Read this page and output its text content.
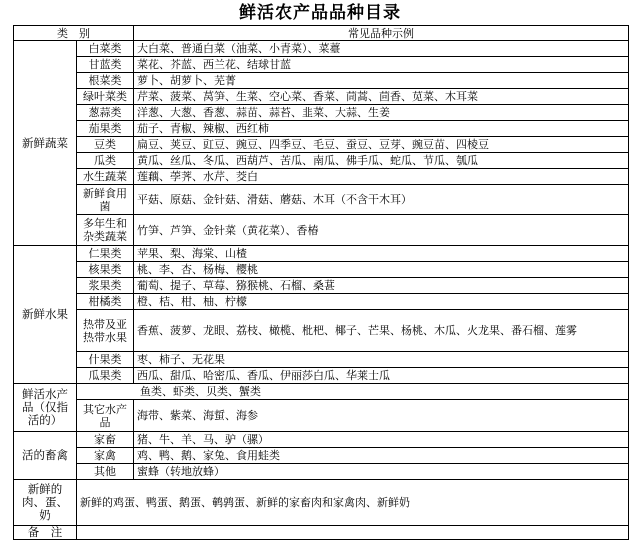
鲜活农产品品种目录
类　别		常见品种示例
新鲜蔬菜	白菜类	大白菜、普通白菜（油菜、小青菜）、菜薹
	甘蓝类	菜花、芥蓝、西兰花、结球甘蓝
	根菜类	萝卜、胡萝卜、芜菁
	绿叶菜类	芹菜、菠菜、莴笋、生菜、空心菜、香菜、茼蒿、茴香、苋菜、木耳菜
	葱蒜类	洋葱、大葱、香葱、蒜苗、蒜苔、韭菜、大蒜、生姜
	茄果类	茄子、青椒、辣椒、西红柿
	豆类	扁豆、荚豆、豇豆、豌豆、四季豆、毛豆、蚕豆、豆芽、豌豆苗、四棱豆
	瓜类	黄瓜、丝瓜、冬瓜、西葫芦、苦瓜、南瓜、佛手瓜、蛇瓜、节瓜、瓠瓜
	水生蔬菜	莲藕、荸荠、水芹、茭白
	新鲜食用菌	平菇、原菇、金针菇、滑菇、蘑菇、木耳（不含干木耳）
	多年生和杂类蔬菜	竹笋、芦笋、金针菜（黄花菜）、香椿
新鲜水果	仁果类	苹果、梨、海棠、山楂
	核果类	桃、李、杏、杨梅、樱桃
	浆果类	葡萄、提子、草莓、猕猴桃、石榴、桑葚
	柑橘类	橙、桔、柑、柚、柠檬
	热带及亚热带水果	香蕉、菠萝、龙眼、荔枝、橄榄、枇杷、椰子、芒果、杨桃、木瓜、火龙果、番石榴、莲雾
	什果类	枣、柿子、无花果
	瓜果类	西瓜、甜瓜、哈密瓜、香瓜、伊丽莎白瓜、华莱士瓜
鲜活水产品（仅指活的）	鱼类、虾类、贝类、蟹类	
	其它水产品	海带、紫菜、海蜇、海参
活的畜禽	家畜	猪、牛、羊、马、驴（骡）
	家禽	鸡、鸭、鹅、家兔、食用蛙类
	其他	蜜蜂（转地放蜂）
新鲜的肉、蛋、奶	新鲜的鸡蛋、鸭蛋、鹅蛋、鹌鹑蛋、新鲜的家畜肉和家禽肉、新鲜奶	
备　注		
